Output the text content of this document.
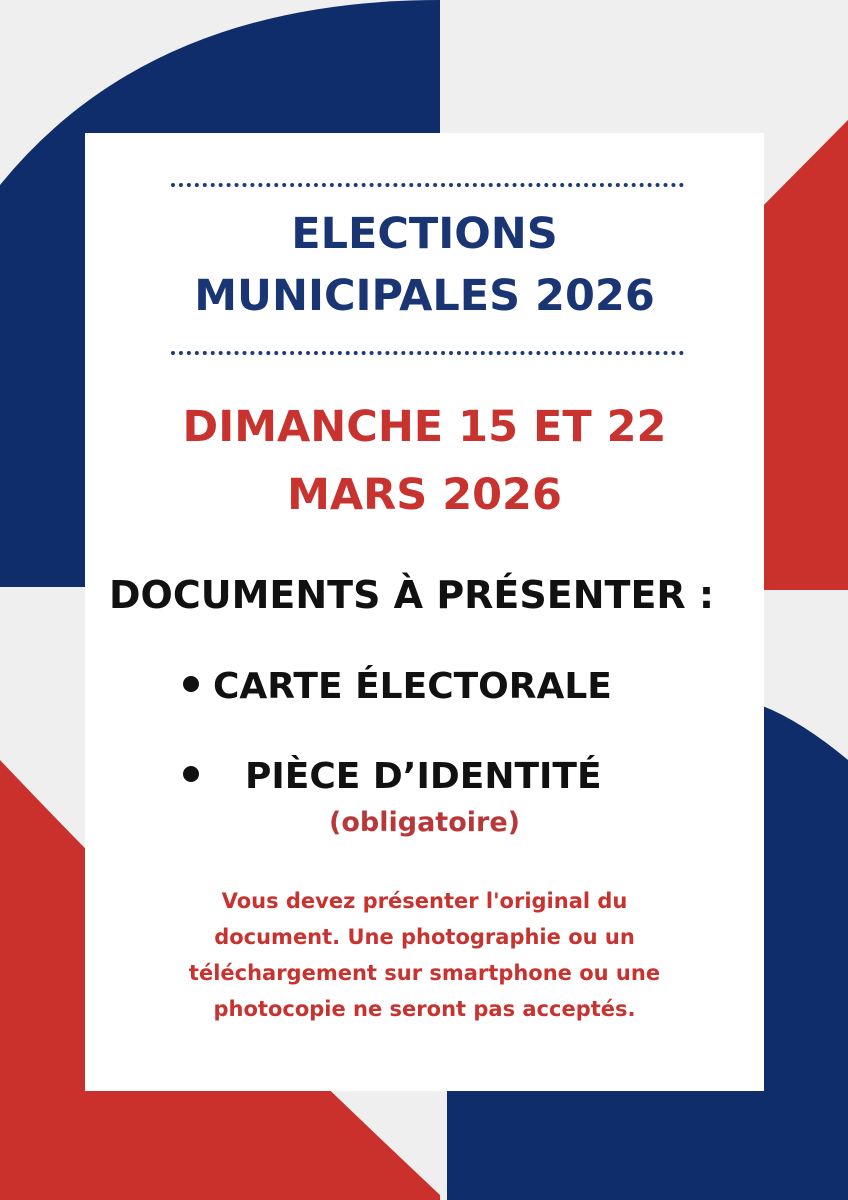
ELECTIONS
MUNICIPALES 2026
DIMANCHE 15 ET 22
MARS 2026
DOCUMENTS À PRÉSENTER :
CARTE ÉLECTORALE
PIÈCE D’IDENTITÉ
(obligatoire)
Vous devez présenter l'original du
document. Une photographie ou un
téléchargement sur smartphone ou une
photocopie ne seront pas acceptés.
